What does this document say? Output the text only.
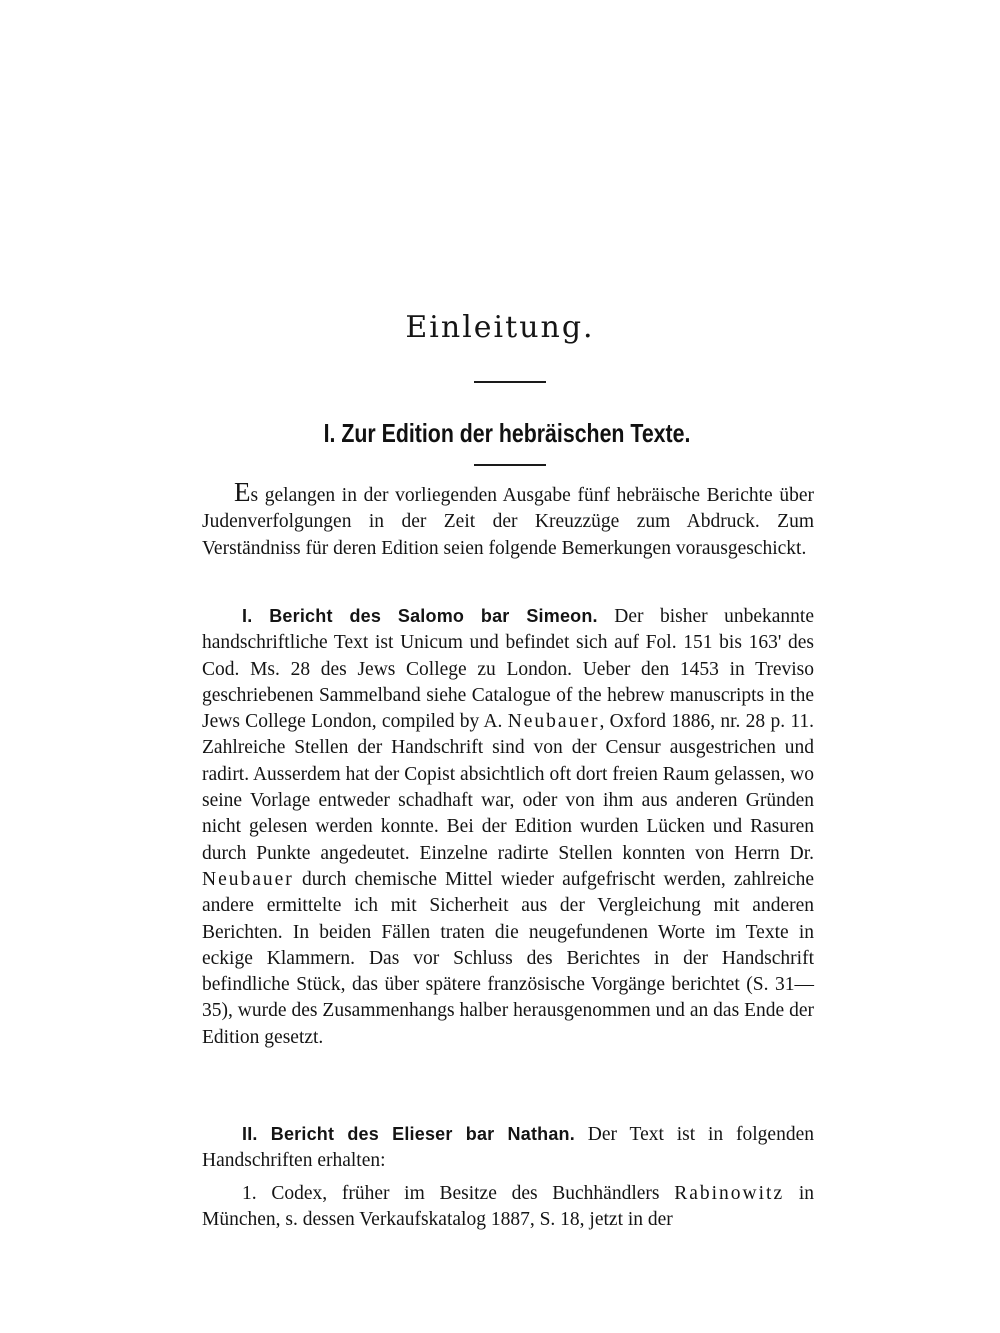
Einleitung.
I. Zur Edition der hebräischen Texte.

Es gelangen in der vorliegenden Ausgabe fünf hebräische Berichte über Judenverfolgungen in der Zeit der Kreuzzüge zum Abdruck. Zum Verständniss für deren Edition seien folgende Bemerkungen vorausgeschickt.

I. Bericht des Salomo bar Simeon. Der bisher unbekannte handschriftliche Text ist Unicum und befindet sich auf Fol. 151 bis 163' des Cod. Ms. 28 des Jews College zu London. Ueber den 1453 in Treviso geschriebenen Sammelband siehe Catalogue of the hebrew manuscripts in the Jews College London, compiled by A. Neubauer, Oxford 1886, nr. 28 p. 11. Zahlreiche Stellen der Handschrift sind von der Censur ausgestrichen und radirt. Ausserdem hat der Copist absichtlich oft dort freien Raum gelassen, wo seine Vorlage entweder schadhaft war, oder von ihm aus anderen Gründen nicht gelesen werden konnte. Bei der Edition wurden Lücken und Rasuren durch Punkte angedeutet. Einzelne radirte Stellen konnten von Herrn Dr. Neubauer durch chemische Mittel wieder aufgefrischt werden, zahlreiche andere ermittelte ich mit Sicherheit aus der Vergleichung mit anderen Berichten. In beiden Fällen traten die neugefundenen Worte im Texte in eckige Klammern. Das vor Schluss des Berichtes in der Handschrift befindliche Stück, das über spätere französische Vorgänge berichtet (S. 31—35), wurde des Zusammenhangs halber herausgenommen und an das Ende der Edition gesetzt.

II. Bericht des Elieser bar Nathan. Der Text ist in folgenden Handschriften erhalten:

1. Codex, früher im Besitze des Buchhändlers Rabinowitz in München, s. dessen Verkaufskatalog 1887, S. 18, jetzt in der
